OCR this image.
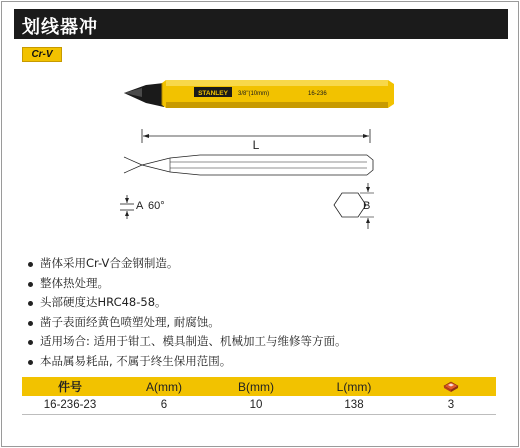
划线器冲
Cr-V
STANLEY 3/8"(10mm)	16-236
L
A 60°	B
凿体采用Cr-V合金钢制造。
整体热处理。
头部硬度达HRC48-58。
凿子表面经黄色喷塑处理, 耐腐蚀。
适用场合: 适用于钳工、模具制造、机械加工与维修等方面。
本品属易耗品, 不属于终生保用范围。
件号	A(mm)	B(mm)	L(mm)	
16-236-23	6	10	138	3
